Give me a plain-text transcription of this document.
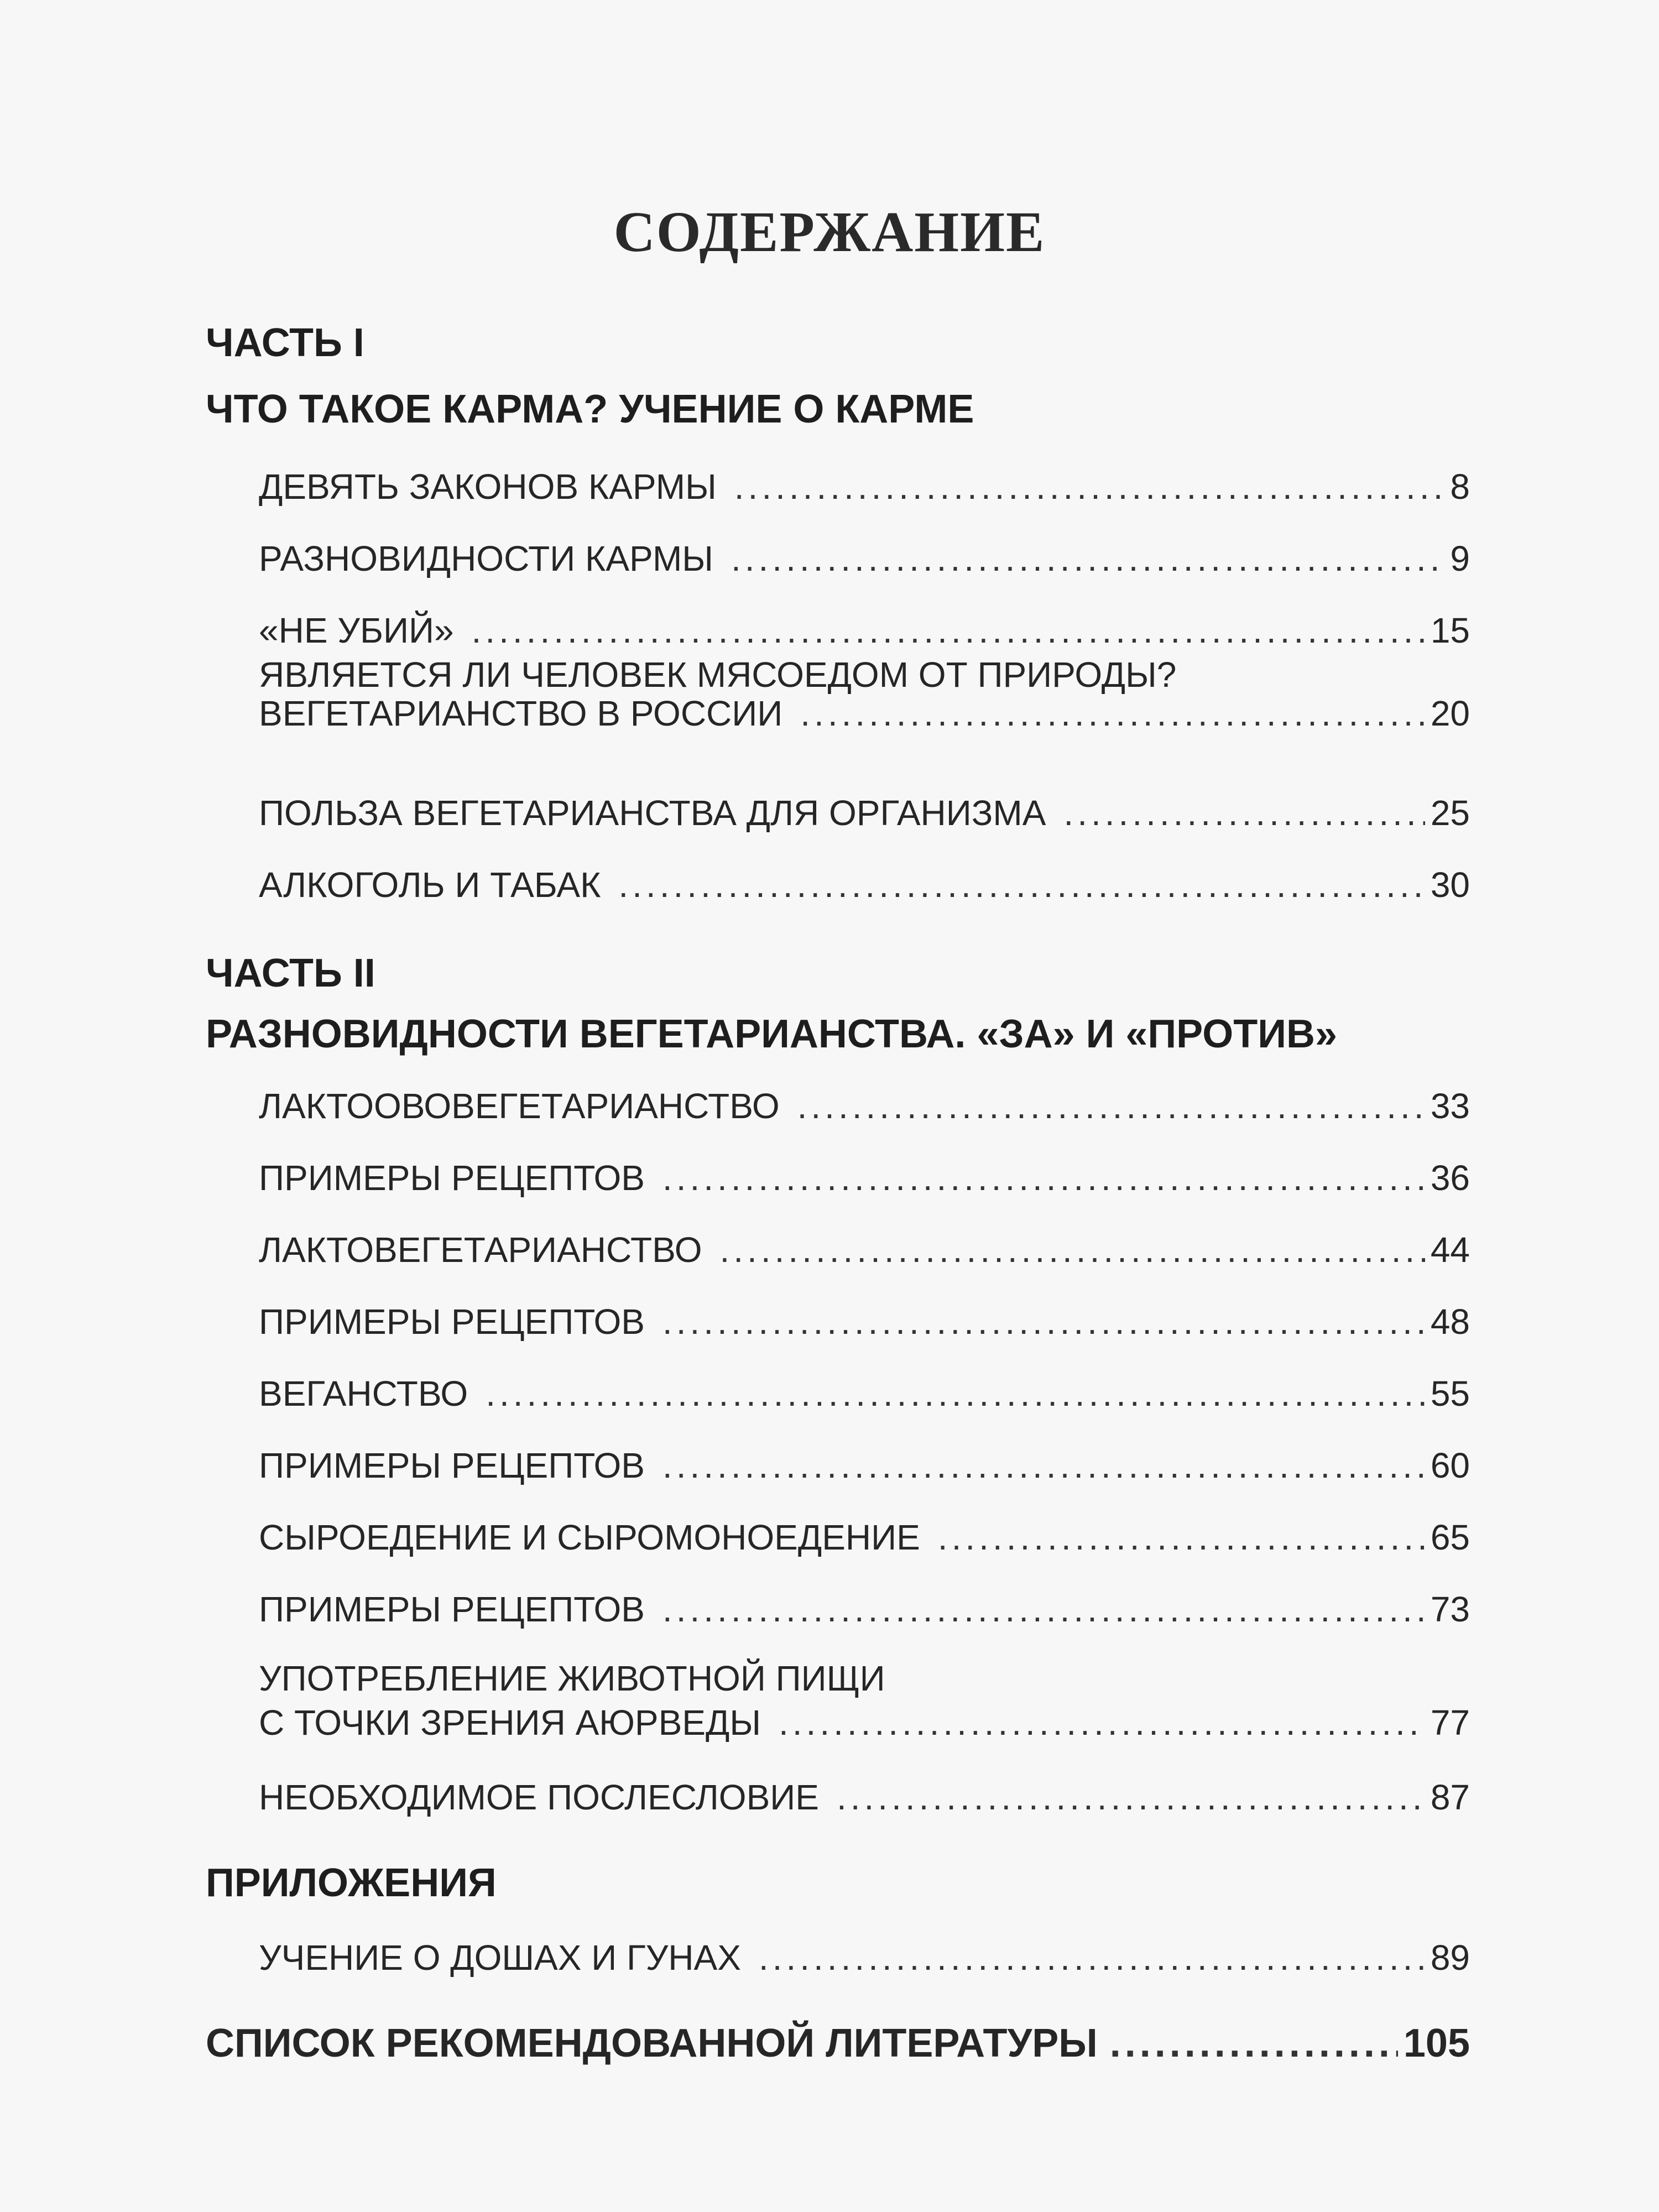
СОДЕРЖАНИЕ
ЧАСТЬ I
ЧТО ТАКОЕ КАРМА? УЧЕНИЕ О КАРМЕ
ДЕВЯТЬ ЗАКОНОВ КАРМЫ .....	8
РАЗНОВИДНОСТИ КАРМЫ .....	9
«НЕ УБИЙ» .....	15
ЯВЛЯЕТСЯ ЛИ ЧЕЛОВЕК МЯСОЕДОМ ОТ ПРИРОДЫ?
ВЕГЕТАРИАНСТВО В РОССИИ .....	20
ПОЛЬЗА ВЕГЕТАРИАНСТВА ДЛЯ ОРГАНИЗМА .....	25
АЛКОГОЛЬ И ТАБАК .....	30
ЧАСТЬ II
РАЗНОВИДНОСТИ ВЕГЕТАРИАНСТВА. «ЗА» И «ПРОТИВ»
ЛАКТООВОВЕГЕТАРИАНСТВО .....	33
ПРИМЕРЫ РЕЦЕПТОВ .....	36
ЛАКТОВЕГЕТАРИАНСТВО .....	44
ПРИМЕРЫ РЕЦЕПТОВ .....	48
ВЕГАНСТВО .....	55
ПРИМЕРЫ РЕЦЕПТОВ .....	60
СЫРОЕДЕНИЕ И СЫРОМОНОЕДЕНИЕ .....	65
ПРИМЕРЫ РЕЦЕПТОВ .....	73
УПОТРЕБЛЕНИЕ ЖИВОТНОЙ ПИЩИ
С ТОЧКИ ЗРЕНИЯ АЮРВЕДЫ .....	77
НЕОБХОДИМОЕ ПОСЛЕСЛОВИЕ .....	87
ПРИЛОЖЕНИЯ
УЧЕНИЕ О ДОШАХ И ГУНАХ .....	89
СПИСОК РЕКОМЕНДОВАННОЙ ЛИТЕРАТУРЫ .....	105
